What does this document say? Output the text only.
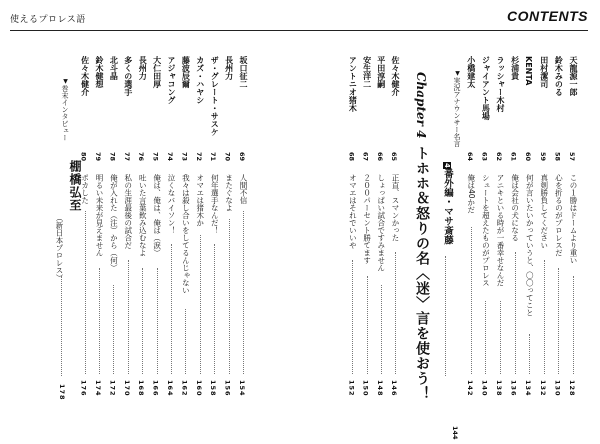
使えるプロレス語	CONTENTS
天龍源一郎
57
この１勝はドームより重い
128
鈴木みのる
58
心を折るのがプロレスだ
130
田村潔司
59
真剣勝負してください
132
KENTA
60
何が言いたいかっていうと、〇〇ってこと
134
杉浦貴
61
俺は会社の犬になる
136
ラッシャー木村
62
アニキといる時が一番幸せなんだ
138
ジャイアント馬場
63
シュートを超えたものがプロレス
140
小橋建太
64
俺は40かだ
142
▼実況アナウンサー名言
4番外編・マサ斎藤
144
佐々木健介
65
正直、スマンかった
146
平田淳嗣
66
しょっぱい試合ですみません
148
安生洋二
67
２００パーセント勝てます
150
アントニオ猪木
68
オマエはそれでいいや
152
Chapter 4
トホホ＆怒りの名〈迷〉言を使おう！
坂口征二
69
人間不信
154
長州力
70
またぐなよ
156
ザ・グレート・サスケ
71
何年選手なんだ！
158
カズ・ハヤシ
72
オマエは猪木か
160
藤波辰爾
73
我々は殺し合いをしてるんじゃない
162
アジャコング
74
泣くなバイソン！
164
大仁田厚
75
俺は、俺は、俺は（涙）
166
長州力
76
吐いた言葉飲み込むなよ
168
多くの選手
77
私の生涯最後の試合だ
170
北斗晶
78
俺が入れた（注）から（何）
172
鈴木健想
79
明るい未来が見えません
174
佐々木健介
80
ポカした
176
▼巻末インタビュー
棚橋弘至
（新日本プロレス）
178
